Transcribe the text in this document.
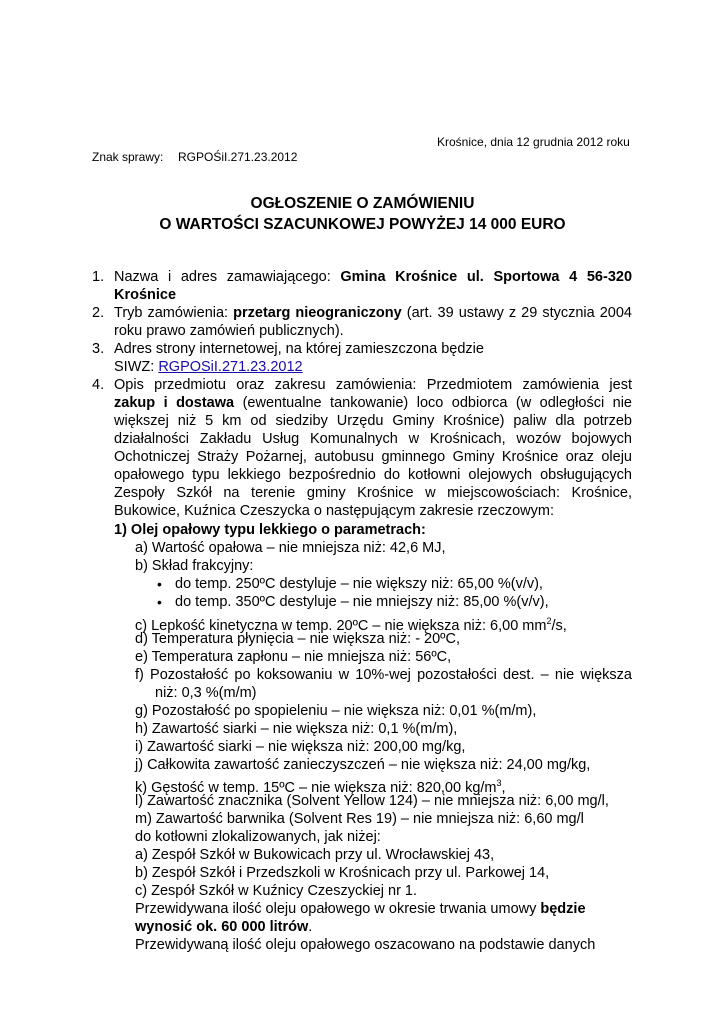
Krośnice, dnia 12 grudnia 2012 roku
Znak sprawy: RGPOŚiI.271.23.2012
OGŁOSZENIE O ZAMÓWIENIU
O WARTOŚCI SZACUNKOWEJ POWYŻEJ 14 000 EURO
1. Nazwa i adres zamawiającego: Gmina Krośnice ul. Sportowa 4 56-320
Krośnice
2. Tryb zamówienia: przetarg nieograniczony (art. 39 ustawy z 29 stycznia 2004
roku prawo zamówień publicznych).
3. Adres strony internetowej, na której zamieszczona będzie
SIWZ: RGPOSiI.271.23.2012
4. Opis przedmiotu oraz zakresu zamówienia: Przedmiotem zamówienia jest
zakup i dostawa (ewentualne tankowanie) loco odbiorca (w odległości nie
większej niż 5 km od siedziby Urzędu Gminy Krośnice) paliw dla potrzeb
działalności Zakładu Usług Komunalnych w Krośnicach, wozów bojowych
Ochotniczej Straży Pożarnej, autobusu gminnego Gminy Krośnice oraz oleju
opałowego typu lekkiego bezpośrednio do kotłowni olejowych obsługujących
Zespoły Szkół na terenie gminy Krośnice w miejscowościach: Krośnice,
Bukowice, Kuźnica Czeszycka o następującym zakresie rzeczowym:
1) Olej opałowy typu lekkiego o parametrach:
a) Wartość opałowa – nie mniejsza niż: 42,6 MJ,
b) Skład frakcyjny:
• do temp. 250ºC destyluje – nie większy niż: 65,00 %(v/v),
• do temp. 350ºC destyluje – nie mniejszy niż: 85,00 %(v/v),
c) Lepkość kinetyczna w temp. 20ºC – nie większa niż: 6,00 $mm^2/s$,
d) Temperatura płynięcia – nie większa niż: - 20ºC,
e) Temperatura zapłonu – nie mniejsza niż: 56ºC,
f) Pozostałość po koksowaniu w 10%-wej pozostałości dest. – nie większa
niż: 0,3 %(m/m)
g) Pozostałość po spopieleniu – nie większa niż: 0,01 %(m/m),
h) Zawartość siarki – nie większa niż: 0,1 %(m/m),
i) Zawartość siarki – nie większa niż: 200,00 mg/kg,
j) Całkowita zawartość zanieczyszczeń – nie większa niż: 24,00 mg/kg,
k) Gęstość w temp. 15ºC – nie większa niż: 820,00 $kg/m^3$,
l) Zawartość znacznika (Solvent Yellow 124) – nie mniejsza niż: 6,00 mg/l,
m) Zawartość barwnika (Solvent Res 19) – nie mniejsza niż: 6,60 mg/l
do kotłowni zlokalizowanych, jak niżej:
a) Zespół Szkół w Bukowicach przy ul. Wrocławskiej 43,
b) Zespół Szkół i Przedszkoli w Krośnicach przy ul. Parkowej 14,
c) Zespół Szkół w Kuźnicy Czeszyckiej nr 1.
Przewidywana ilość oleju opałowego w okresie trwania umowy będzie
wynosić ok. 60 000 litrów.
Przewidywaną ilość oleju opałowego oszacowano na podstawie danych
